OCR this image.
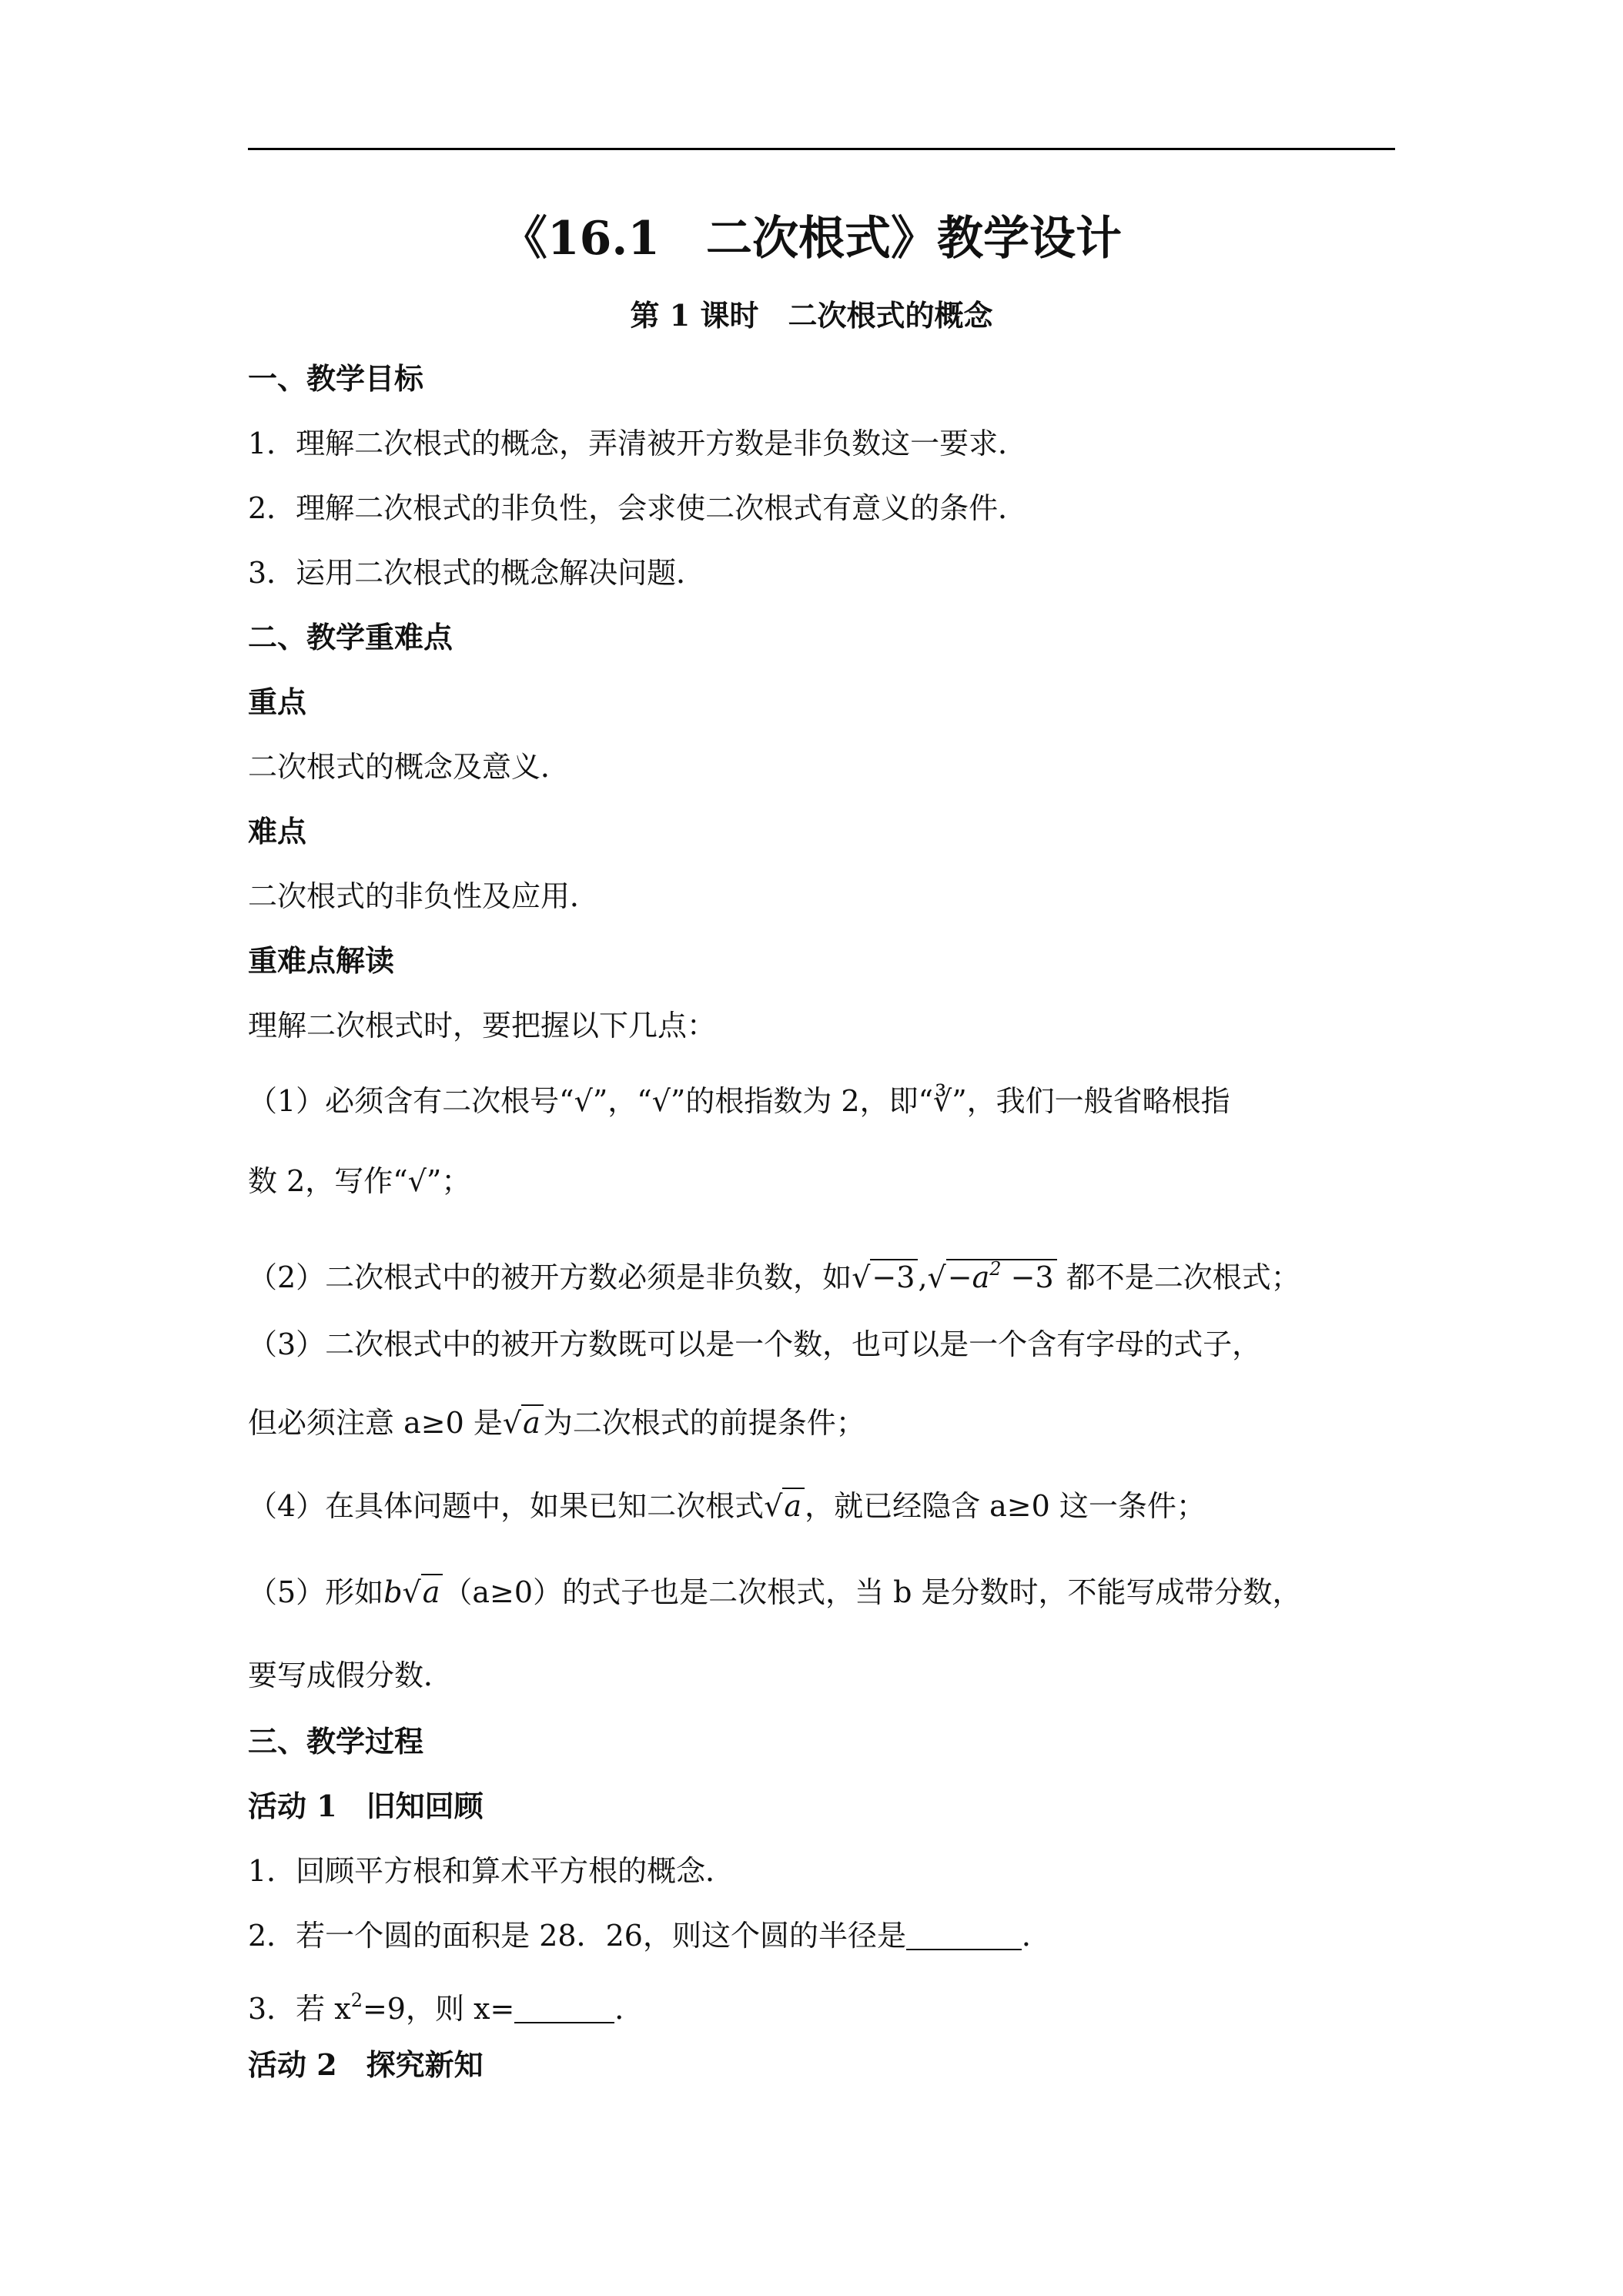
《16.1　二次根式》教学设计
第 1 课时　二次根式的概念
一、教学目标
1．理解二次根式的概念，弄清被开方数是非负数这一要求．
2．理解二次根式的非负性，会求使二次根式有意义的条件．
3．运用二次根式的概念解决问题．
二、教学重难点
重点
二次根式的概念及意义．
难点
二次根式的非负性及应用．
重难点解读
理解二次根式时，要把握以下几点：
（1）必须含有二次根号“√”，“√”的根指数为 2，即“∛”，我们一般省略根指
数 2，写作“√”；
（2）二次根式中的被开方数必须是非负数，如√−3 $,√-a^2 -3$ 都不是二次根式；
（3）二次根式中的被开方数既可以是一个数，也可以是一个含有字母的式子，
但必须注意 a≥0 是√a 为二次根式的前提条件；
（4）在具体问题中，如果已知二次根式√a ，就已经隐含 a≥0 这一条件；
（5）形如b√a （a≥0）的式子也是二次根式，当 b 是分数时，不能写成带分数，
要写成假分数．
三、教学过程
活动 1　旧知回顾
1．回顾平方根和算术平方根的概念．
2．若一个圆的面积是 28．26，则这个圆的半径是	．
3．若 $x^2=9$，则 x=	．
活动 2　探究新知
